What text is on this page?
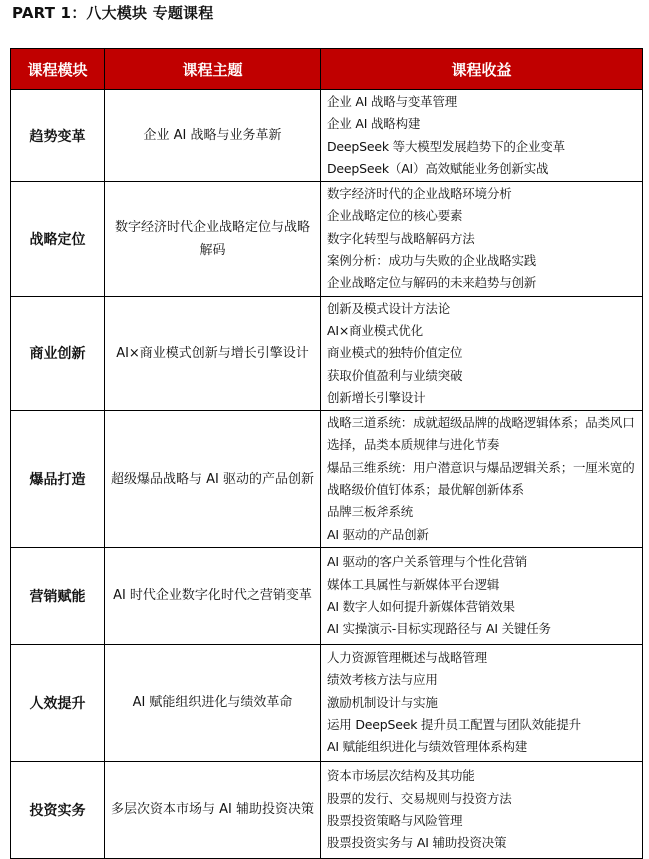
PART 1：八大模块 专题课程
课程模块	课程主题	课程收益
趋势变革	企业 AI 战略与业务革新	企业 AI 战略与变革管理
企业 AI 战略构建
DeepSeek 等大模型发展趋势下的企业变革
DeepSeek（AI）高效赋能业务创新实战

战略定位	数字经济时代企业战略定位与战略解码	数字经济时代的企业战略环境分析
企业战略定位的核心要素
数字化转型与战略解码方法
案例分析：成功与失败的企业战略实践
企业战略定位与解码的未来趋势与创新

商业创新	AI×商业模式创新与增长引擎设计	创新及模式设计方法论
AI×商业模式优化
商业模式的独特价值定位
获取价值盈利与业绩突破
创新增长引擎设计

爆品打造	超级爆品战略与 AI 驱动的产品创新	战略三道系统：成就超级品牌的战略逻辑体系；品类风口选择，品类本质规律与进化节奏
爆品三维系统：用户潜意识与爆品逻辑关系；一厘米宽的战略级价值钉体系；最优解创新体系
品牌三板斧系统
AI 驱动的产品创新

营销赋能	AI 时代企业数字化时代之营销变革	AI 驱动的客户关系管理与个性化营销
媒体工具属性与新媒体平台逻辑
AI 数字人如何提升新媒体营销效果
AI 实操演示-目标实现路径与 AI 关键任务

人效提升	AI 赋能组织进化与绩效革命	人力资源管理概述与战略管理
绩效考核方法与应用
激励机制设计与实施
运用 DeepSeek 提升员工配置与团队效能提升
AI 赋能组织进化与绩效管理体系构建

投资实务	多层次资本市场与 AI 辅助投资决策	资本市场层次结构及其功能
股票的发行、交易规则与投资方法
股票投资策略与风险管理
股票投资实务与 AI 辅助投资决策
